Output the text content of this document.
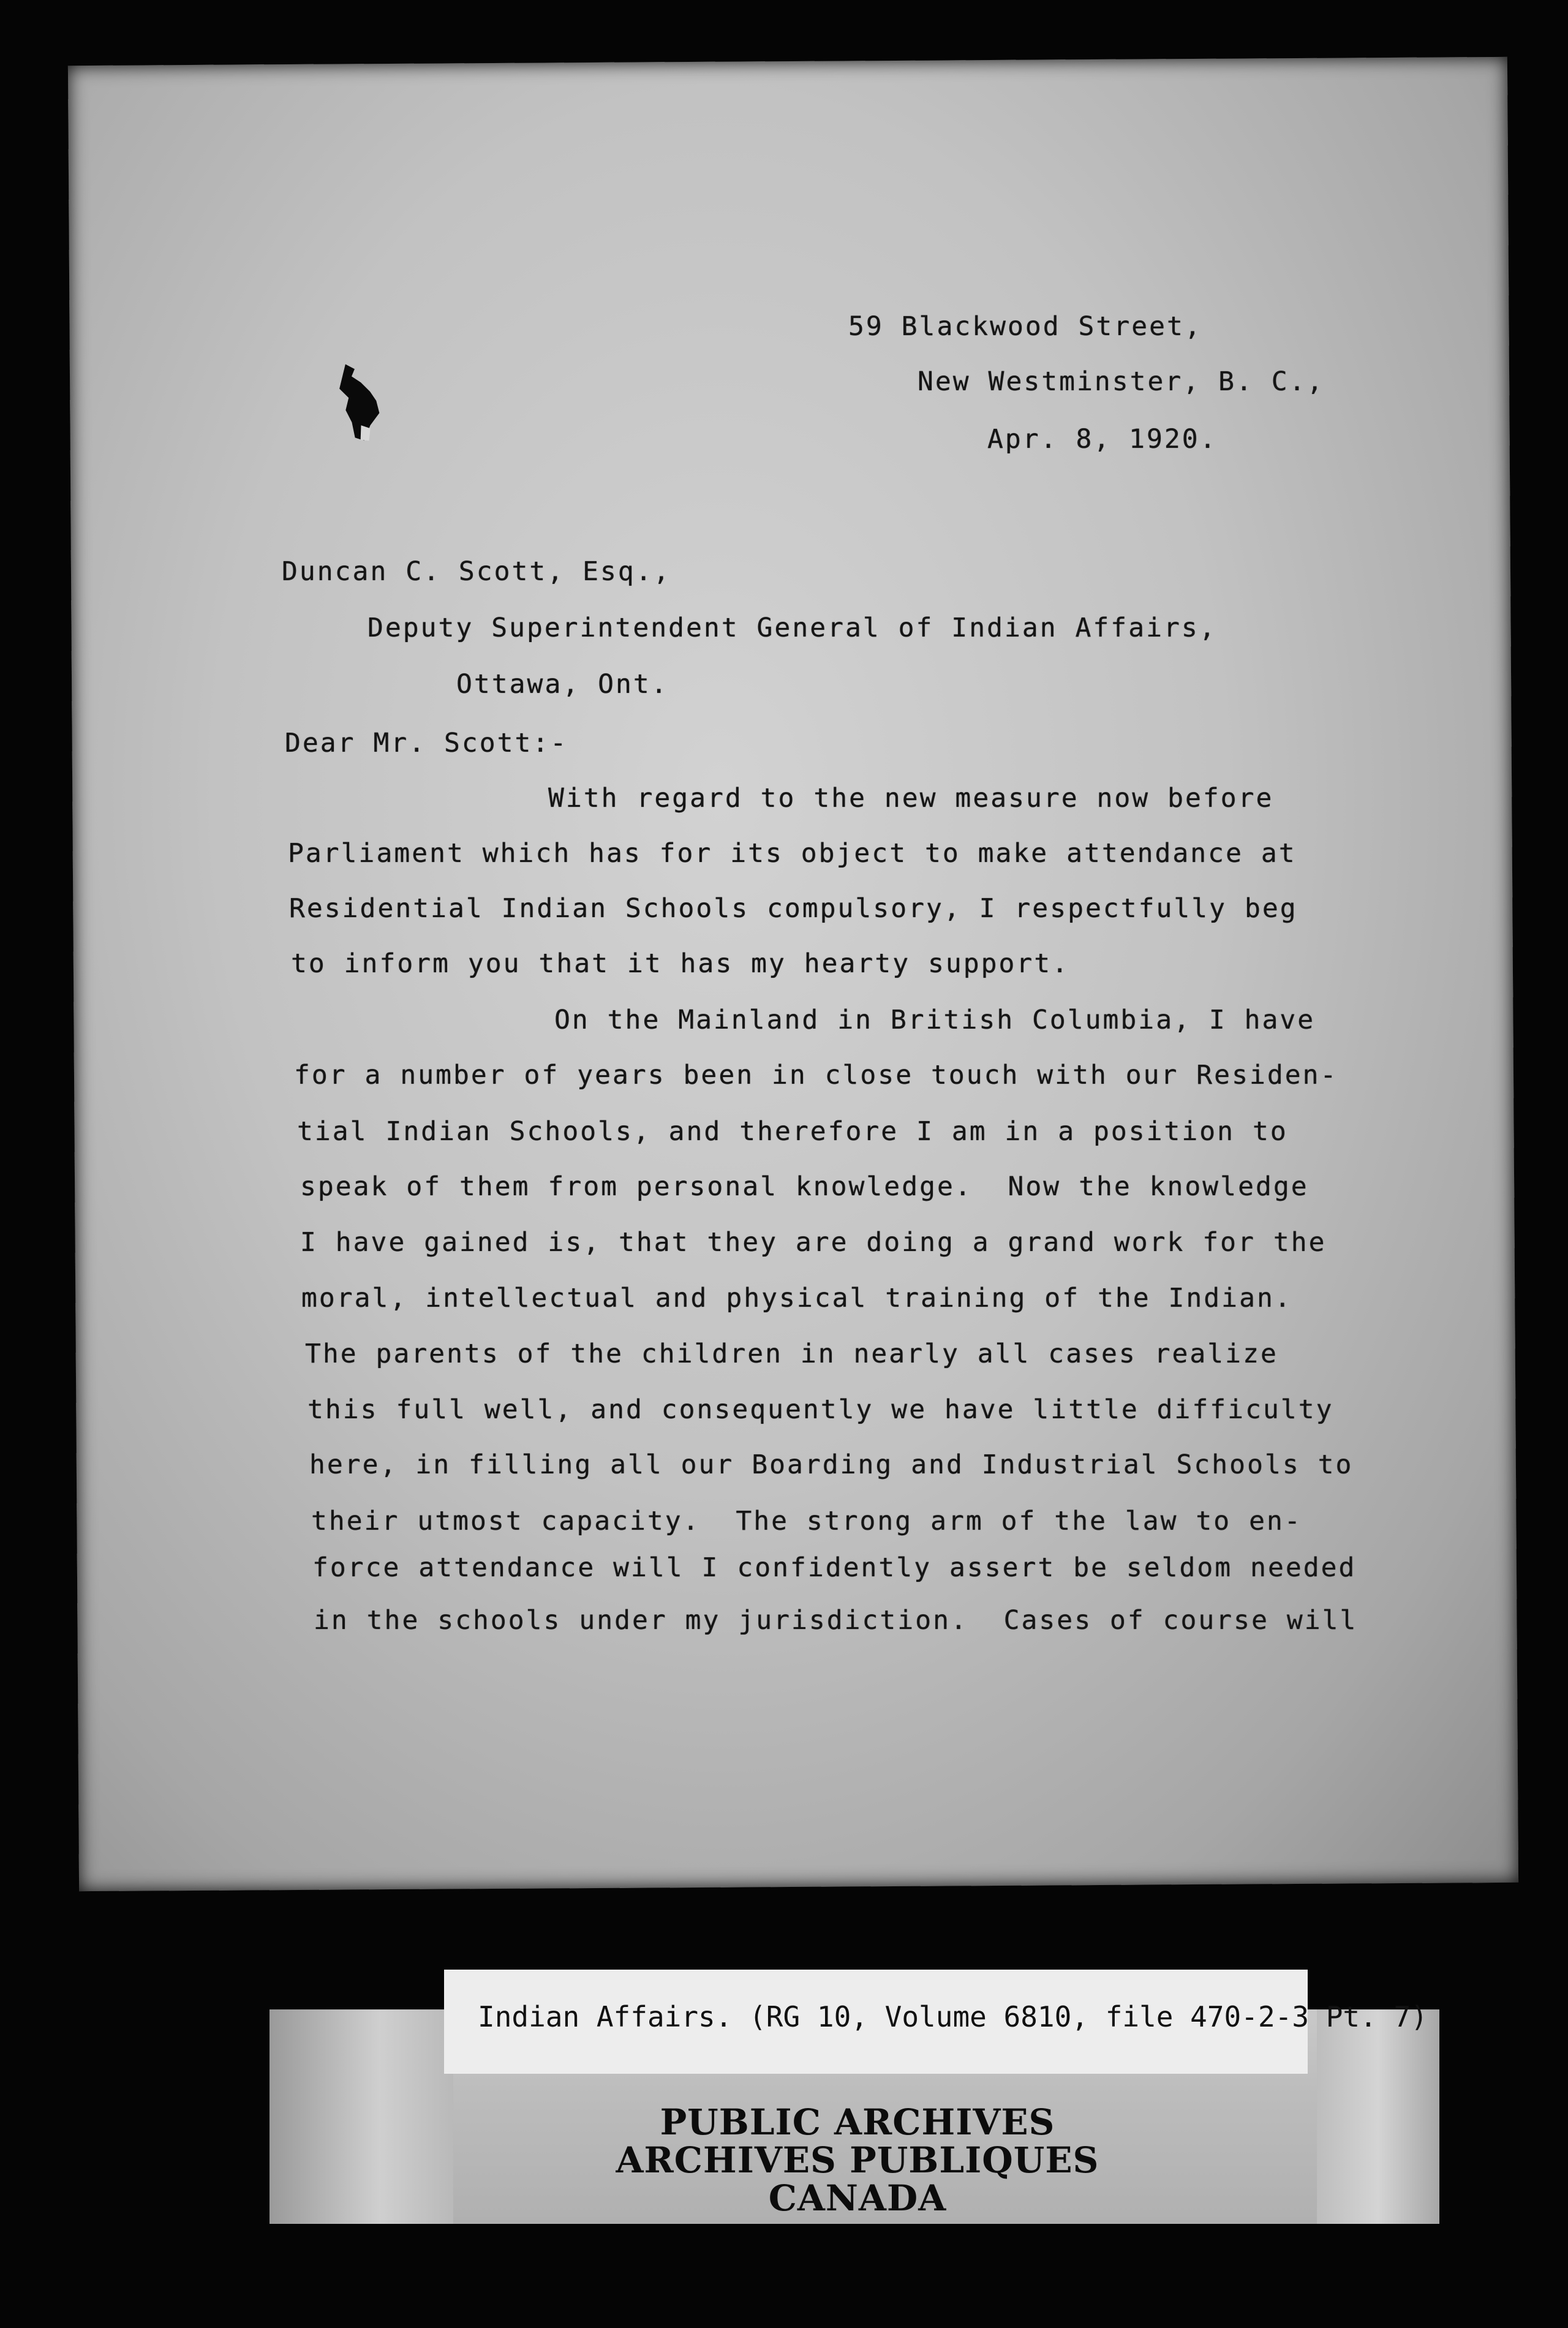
59 Blackwood Street,
New Westminster, B. C.,
Apr. 8, 1920.
Duncan C. Scott, Esq.,
Deputy Superintendent General of Indian Affairs,
Ottawa, Ont.
Dear Mr. Scott:-
With regard to the new measure now before
Parliament which has for its object to make attendance at
Residential Indian Schools compulsory, I respectfully beg
to inform you that it has my hearty support.
On the Mainland in British Columbia, I have
for a number of years been in close touch with our Residen-
tial Indian Schools, and therefore I am in a position to
speak of them from personal knowledge.  Now the knowledge
I have gained is, that they are doing a grand work for the
moral, intellectual and physical training of the Indian.
The parents of the children in nearly all cases realize
this full well, and consequently we have little difficulty
here, in filling all our Boarding and Industrial Schools to
their utmost capacity.  The strong arm of the law to en-
force attendance will I confidently assert be seldom needed
in the schools under my jurisdiction.  Cases of course will
Indian Affairs. (RG 10, Volume 6810, file 470-2-3 Pt. 7)
PUBLIC ARCHIVES
ARCHIVES PUBLIQUES
CANADA
